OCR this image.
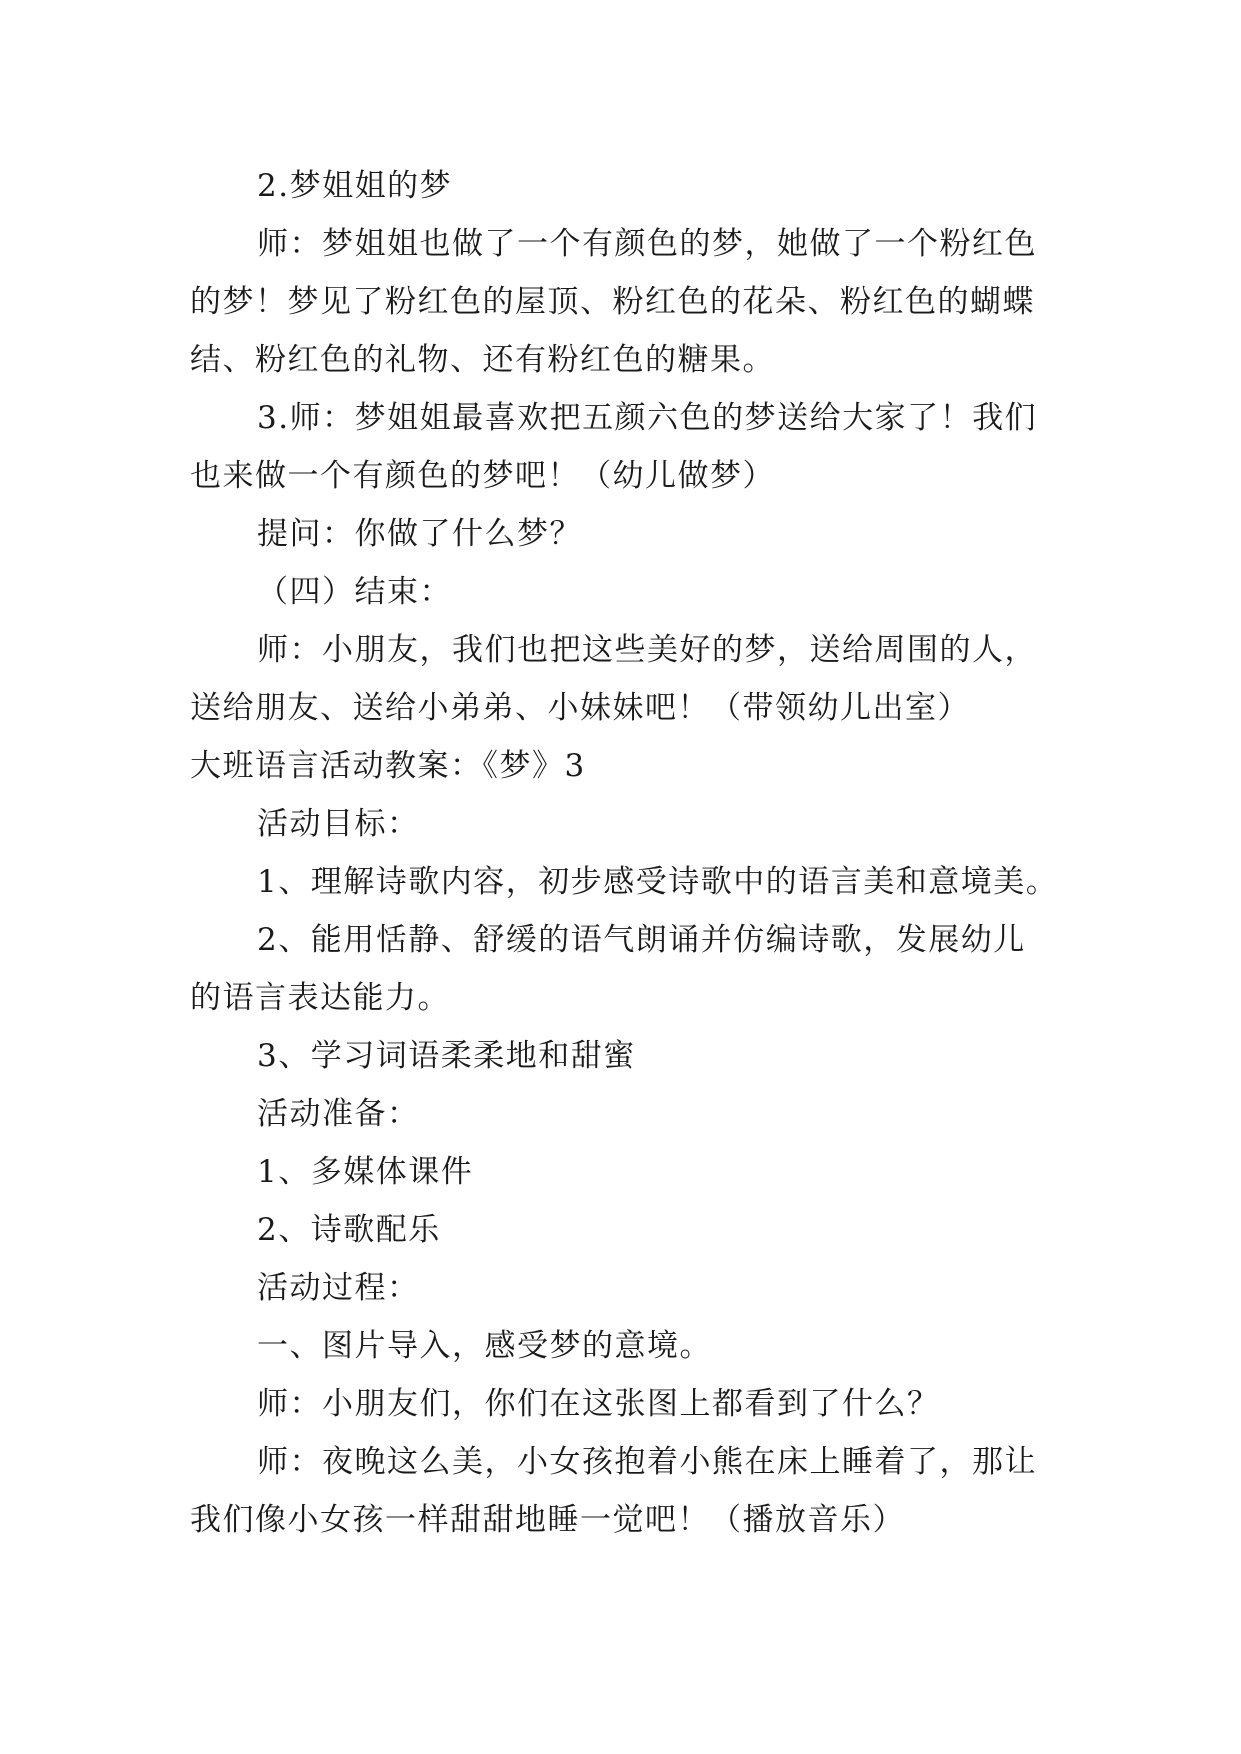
2.梦姐姐的梦
师：梦姐姐也做了一个有颜色的梦，她做了一个粉红色
的梦！梦见了粉红色的屋顶、粉红色的花朵、粉红色的蝴蝶
结、粉红色的礼物、还有粉红色的糖果。
3.师：梦姐姐最喜欢把五颜六色的梦送给大家了！我们
也来做一个有颜色的梦吧！（幼儿做梦）
提问：你做了什么梦？
（四）结束：
师：小朋友，我们也把这些美好的梦，送给周围的人，
送给朋友、送给小弟弟、小妹妹吧！（带领幼儿出室）
大班语言活动教案：《梦》3
活动目标：
1、理解诗歌内容，初步感受诗歌中的语言美和意境美。
2、能用恬静、舒缓的语气朗诵并仿编诗歌，发展幼儿
的语言表达能力。
3、学习词语柔柔地和甜蜜
活动准备：
1、多媒体课件
2、诗歌配乐
活动过程：
一、图片导入，感受梦的意境。
师：小朋友们，你们在这张图上都看到了什么？
师：夜晚这么美，小女孩抱着小熊在床上睡着了，那让
我们像小女孩一样甜甜地睡一觉吧！（播放音乐）
